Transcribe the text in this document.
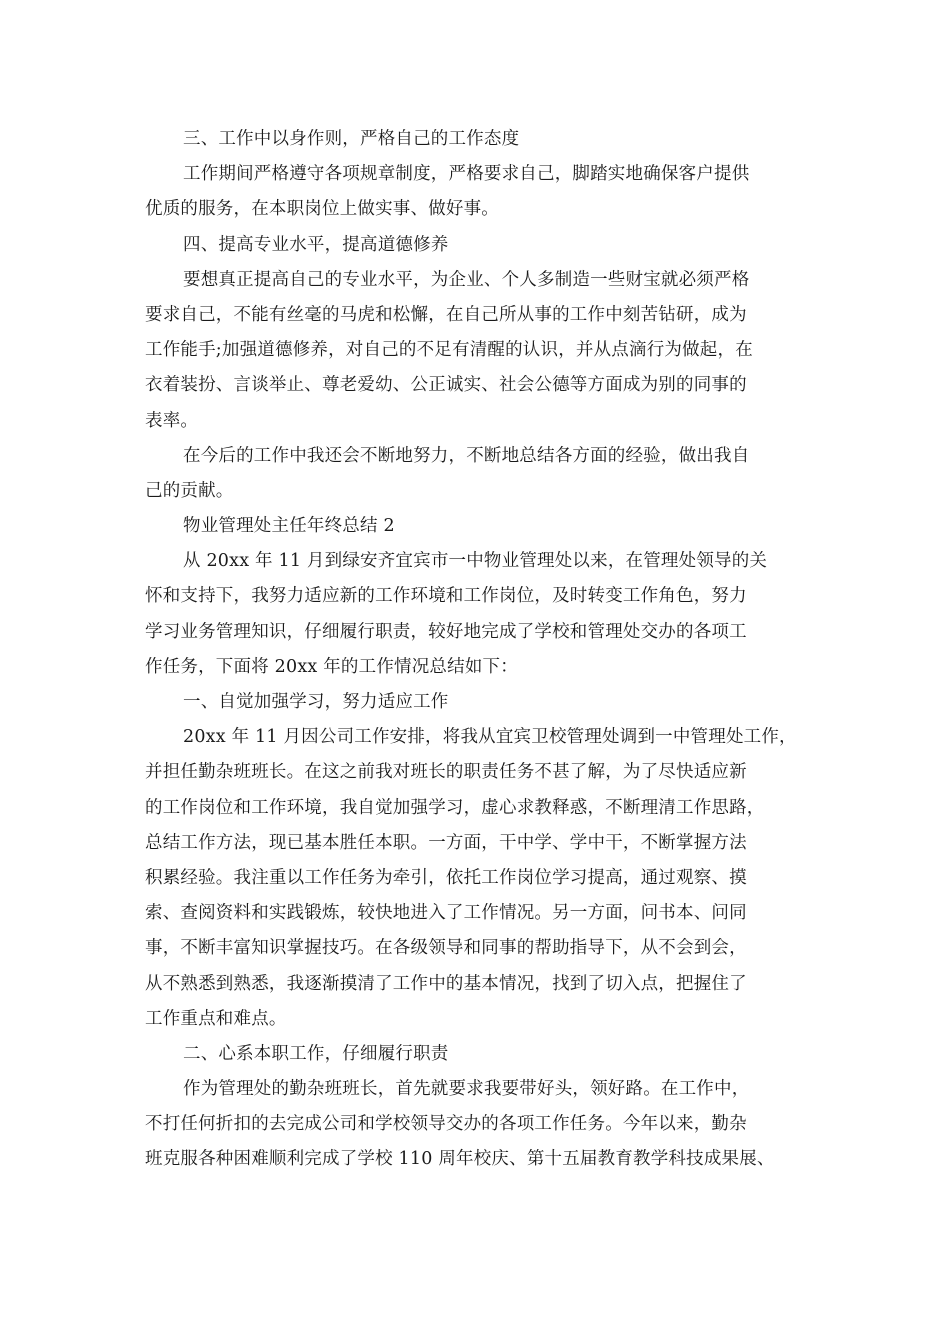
三、工作中以身作则，严格自己的工作态度
工作期间严格遵守各项规章制度，严格要求自己，脚踏实地确保客户提供
优质的服务，在本职岗位上做实事、做好事。
四、提高专业水平，提高道德修养
要想真正提高自己的专业水平，为企业、个人多制造一些财宝就必须严格
要求自己，不能有丝毫的马虎和松懈，在自己所从事的工作中刻苦钻研，成为
工作能手;加强道德修养，对自己的不足有清醒的认识，并从点滴行为做起，在
衣着装扮、言谈举止、尊老爱幼、公正诚实、社会公德等方面成为别的同事的
表率。
在今后的工作中我还会不断地努力，不断地总结各方面的经验，做出我自
己的贡献。
物业管理处主任年终总结 2
从 20xx 年 11 月到绿安齐宜宾市一中物业管理处以来，在管理处领导的关
怀和支持下，我努力适应新的工作环境和工作岗位，及时转变工作角色，努力
学习业务管理知识，仔细履行职责，较好地完成了学校和管理处交办的各项工
作任务，下面将 20xx 年的工作情况总结如下：
一、自觉加强学习，努力适应工作
20xx 年 11 月因公司工作安排，将我从宜宾卫校管理处调到一中管理处工作，
并担任勤杂班班长。在这之前我对班长的职责任务不甚了解，为了尽快适应新
的工作岗位和工作环境，我自觉加强学习，虚心求教释惑，不断理清工作思路，
总结工作方法，现已基本胜任本职。一方面，干中学、学中干，不断掌握方法
积累经验。我注重以工作任务为牵引，依托工作岗位学习提高，通过观察、摸
索、查阅资料和实践锻炼，较快地进入了工作情况。另一方面，问书本、问同
事，不断丰富知识掌握技巧。在各级领导和同事的帮助指导下，从不会到会，
从不熟悉到熟悉，我逐渐摸清了工作中的基本情况，找到了切入点，把握住了
工作重点和难点。
二、心系本职工作，仔细履行职责
作为管理处的勤杂班班长，首先就要求我要带好头，领好路。在工作中，
不打任何折扣的去完成公司和学校领导交办的各项工作任务。今年以来，勤杂
班克服各种困难顺利完成了学校 110 周年校庆、第十五届教育教学科技成果展、
